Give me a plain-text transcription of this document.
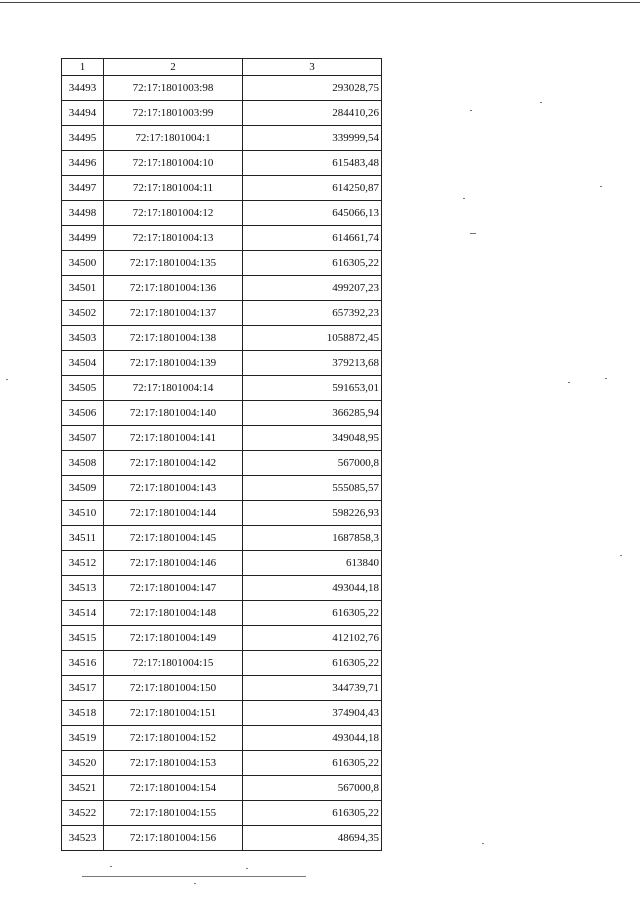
1	2	3
34493	72:17:1801003:98	293028,75
34494	72:17:1801003:99	284410,26
34495	72:17:1801004:1	339999,54
34496	72:17:1801004:10	615483,48
34497	72:17:1801004:11	614250,87
34498	72:17:1801004:12	645066,13
34499	72:17:1801004:13	614661,74
34500	72:17:1801004:135	616305,22
34501	72:17:1801004:136	499207,23
34502	72:17:1801004:137	657392,23
34503	72:17:1801004:138	1058872,45
34504	72:17:1801004:139	379213,68
34505	72:17:1801004:14	591653,01
34506	72:17:1801004:140	366285,94
34507	72:17:1801004:141	349048,95
34508	72:17:1801004:142	567000,8
34509	72:17:1801004:143	555085,57
34510	72:17:1801004:144	598226,93
34511	72:17:1801004:145	1687858,3
34512	72:17:1801004:146	613840
34513	72:17:1801004:147	493044,18
34514	72:17:1801004:148	616305,22
34515	72:17:1801004:149	412102,76
34516	72:17:1801004:15	616305,22
34517	72:17:1801004:150	344739,71
34518	72:17:1801004:151	374904,43
34519	72:17:1801004:152	493044,18
34520	72:17:1801004:153	616305,22
34521	72:17:1801004:154	567000,8
34522	72:17:1801004:155	616305,22
34523	72:17:1801004:156	48694,35
